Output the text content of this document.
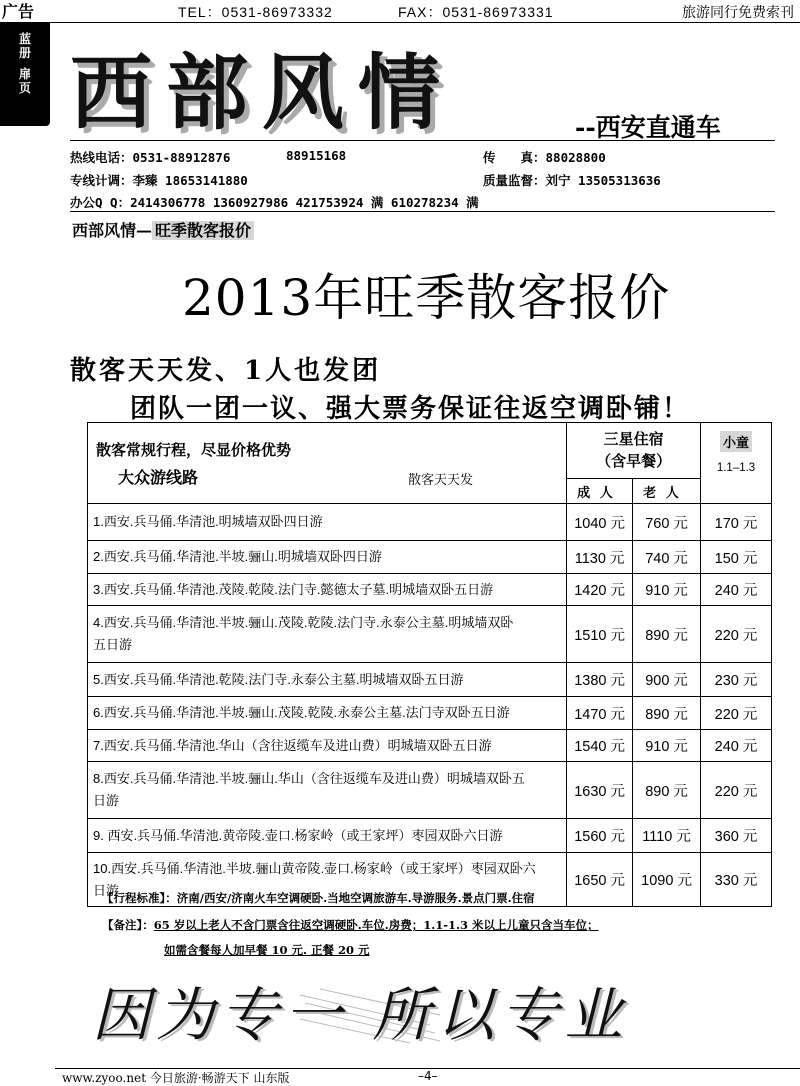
广告	TEL：0531-86973332	FAX：0531-86973331	旅游同行免费索刊
蓝
册
扉
页 西部风情	--西安直通车
热线电话：0531-88912876	88915168	传　　真：88028800
专线计调：李臻 18653141880	质量监督：刘宁 13505313636
办公Q Q：2414306778 1360927986 421753924 满 610278234 满
西部风情— 旺季散客报价
2013年旺季散客报价
散客天天发、1人也发团
团队一团一议、强大票务保证往返空调卧铺！
散客常规行程，尽显价格优势
大众游线路 散客天天发	三星住宿
（含早餐）		小童
1.1–1.3

	成 人	老 人	
1.西安.兵马俑.华清池.明城墙双卧四日游	1040 元	760 元	170 元
2.西安.兵马俑.华清池.半坡.骊山.明城墙双卧四日游	1130 元	740 元	150 元
3.西安.兵马俑.华清池.茂陵.乾陵.法门寺.懿德太子墓.明城墙双卧五日游	1420 元	910 元	240 元
4.西安.兵马俑.华清池.半坡.骊山.茂陵.乾陵.法门寺.永泰公主墓.明城墙双卧五日游	1510 元	890 元	220 元
5.西安.兵马俑.华清池.乾陵.法门寺.永泰公主墓.明城墙双卧五日游	1380 元	900 元	230 元
6.西安.兵马俑.华清池.半坡.骊山.茂陵.乾陵.永泰公主墓.法门寺双卧五日游	1470 元	890 元	220 元
7.西安.兵马俑.华清池.华山（含往返缆车及进山费）明城墙双卧五日游	1540 元	910 元	240 元
8.西安.兵马俑.华清池.半坡.骊山.华山（含往返缆车及进山费）明城墙双卧五日游	1630 元	890 元	220 元
9. 西安.兵马俑.华清池.黄帝陵.壶口.杨家岭（或王家坪）枣园双卧六日游	1560 元	1110 元	360 元
10.西安.兵马俑.华清池.半坡.骊山黄帝陵.壶口.杨家岭（或王家坪）枣园双卧六日游	1650 元	1090 元	330 元
【行程标准】：济南/西安/济南火车空调硬卧.当地空调旅游车.导游服务.景点门票.住宿
【备注】：65 岁以上老人不含门票含往返空调硬卧.车位.房费；1.1-1.3 米以上儿童只含当车位；
如需含餐每人加早餐 10 元. 正餐 20 元
因为专一 所以专业
www.zyoo.net 今日旅游·畅游天下 山东版	–4–
